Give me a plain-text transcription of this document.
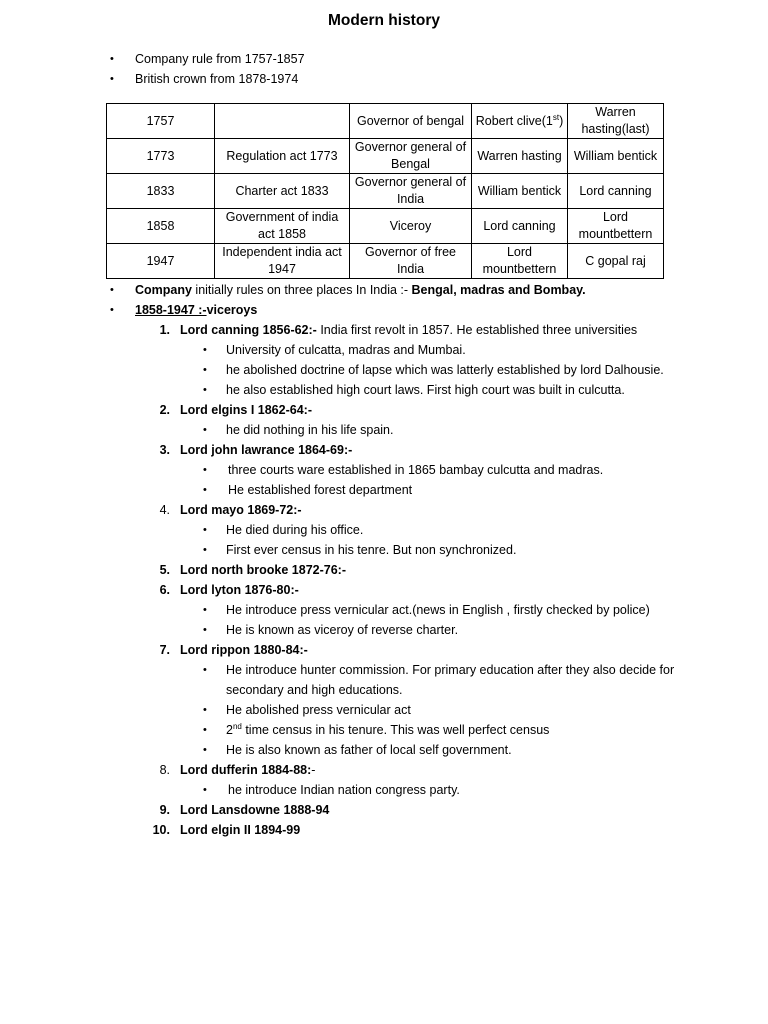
Modern history
• Company rule from 1757-1857
• British crown from 1878-1974
1757		Governor of bengal	Robert clive(1st)	Warren hasting(last)
1773	Regulation act 1773	Governor general of Bengal	Warren hasting	William bentick
1833	Charter act 1833	Governor general of India	William bentick	Lord canning
1858	Government of india act 1858	Viceroy	Lord canning	Lord mountbettern
1947	Independent india act 1947	Governor of free India	Lord mountbettern	C gopal raj
• Company initially rules on three places In India :- Bengal, madras and Bombay.
• 1858-1947 :-viceroys
1. Lord canning 1856-62:- India first revolt in 1857. He established three universities
• University of culcatta, madras and Mumbai.
• he abolished doctrine of lapse which was latterly established by lord Dalhousie.
• he also established high court laws. First high court was built in culcutta.
2. Lord elgins I 1862-64:-
• he did nothing in his life spain.
3. Lord john lawrance 1864-69:-
• three courts ware established in 1865 bambay culcutta and madras.
• He established forest department
4. Lord mayo 1869-72:-
• He died during his office.
• First ever census in his tenre. But non synchronized.
5. Lord north brooke 1872-76:-
6. Lord lyton 1876-80:-
• He introduce press vernicular act.(news in English , firstly checked by police)
• He is known as viceroy of reverse charter.
7. Lord rippon 1880-84:-
• He introduce hunter commission. For primary education after they also decide for secondary and high educations.
• He abolished press vernicular act
• 2nd time census in his tenure. This was well perfect census
• He is also known as father of local self government.
8. Lord dufferin 1884-88:-
• he introduce Indian nation congress party.
9. Lord Lansdowne 1888-94
10. Lord elgin II 1894-99
